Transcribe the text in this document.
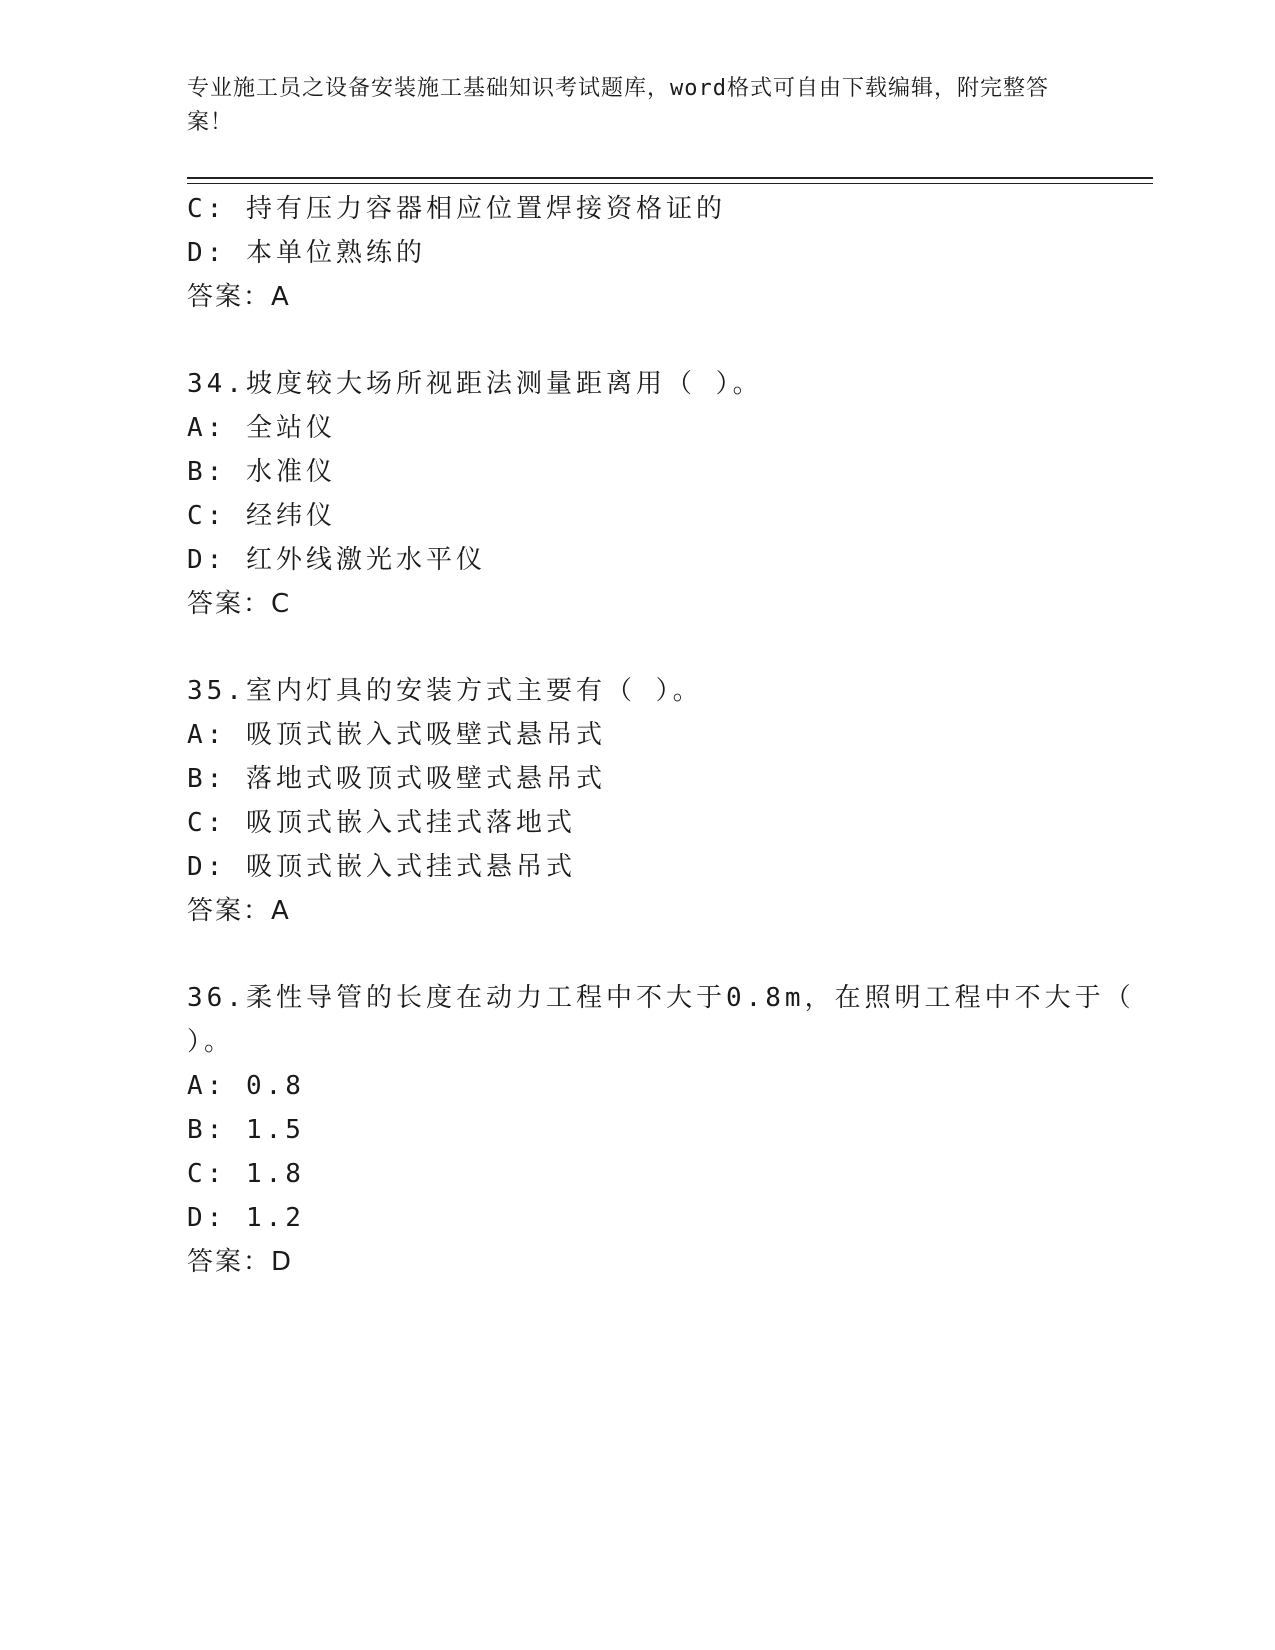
专业施工员之设备安装施工基础知识考试题库，word格式可自由下载编辑，附完整答案！
C: 持有压力容器相应位置焊接资格证的
D: 本单位熟练的
答案：A
34.坡度较大场所视距法测量距离用（ ）。
A: 全站仪
B: 水准仪
C: 经纬仪
D: 红外线激光水平仪
答案：C
35.室内灯具的安装方式主要有（ ）。
A: 吸顶式嵌入式吸壁式悬吊式
B: 落地式吸顶式吸壁式悬吊式
C: 吸顶式嵌入式挂式落地式
D: 吸顶式嵌入式挂式悬吊式
答案：A
36.柔性导管的长度在动力工程中不大于0.8m，在照明工程中不大于（
）。
A: 0.8
B: 1.5
C: 1.8
D: 1.2
答案：D
